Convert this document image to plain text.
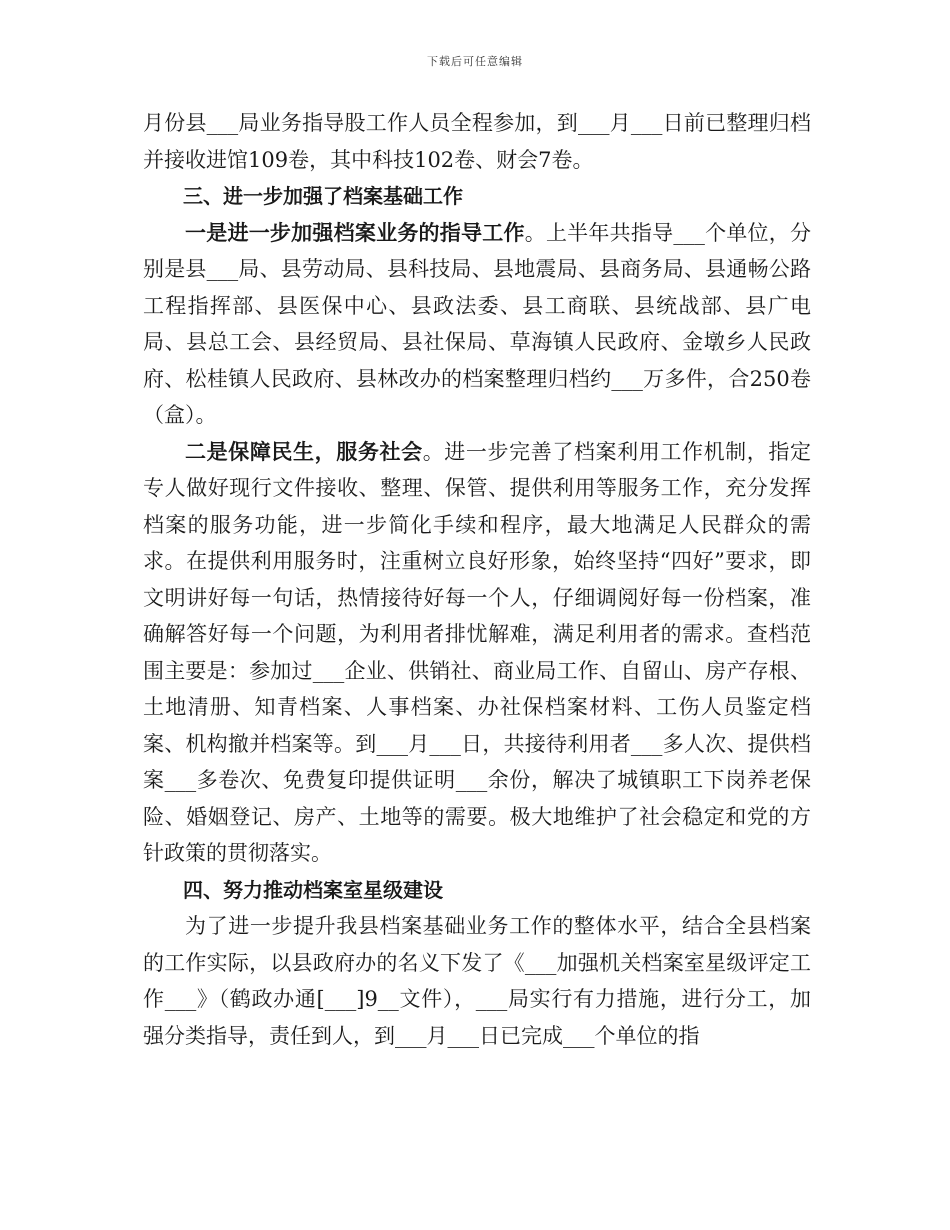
下载后可任意编辑

月份县___局业务指导股工作人员全程参加，到___月___日前已整理归档并接收进馆109卷，其中科技102卷、财会7卷。

三、进一步加强了档案基础工作

一是进一步加强档案业务的指导工作。上半年共指导___个单位，分别是县___局、县劳动局、县科技局、县地震局、县商务局、县通畅公路工程指挥部、县医保中心、县政法委、县工商联、县统战部、县广电局、县总工会、县经贸局、县社保局、草海镇人民政府、金墩乡人民政府、松桂镇人民政府、县林改办的档案整理归档约___万多件，合250卷（盒）。

二是保障民生，服务社会。进一步完善了档案利用工作机制，指定专人做好现行文件接收、整理、保管、提供利用等服务工作，充分发挥档案的服务功能，进一步简化手续和程序，最大地满足人民群众的需求。在提供利用服务时，注重树立良好形象，始终坚持“四好”要求，即文明讲好每一句话，热情接待好每一个人，仔细调阅好每一份档案，准确解答好每一个问题，为利用者排忧解难，满足利用者的需求。查档范围主要是：参加过___企业、供销社、商业局工作、自留山、房产存根、土地清册、知青档案、人事档案、办社保档案材料、工伤人员鉴定档案、机构撤并档案等。到___月___日，共接待利用者___多人次、提供档案___多卷次、免费复印提供证明___余份，解决了城镇职工下岗养老保险、婚姻登记、房产、土地等的需要。极大地维护了社会稳定和党的方针政策的贯彻落实。

四、努力推动档案室星级建设

为了进一步提升我县档案基础业务工作的整体水平，结合全县档案的工作实际，以县政府办的名义下发了《___加强机关档案室星级评定工作___》（鹤政办通[___]9__文件），___局实行有力措施，进行分工，加强分类指导，责任到人，到___月___日已完成___个单位的指
